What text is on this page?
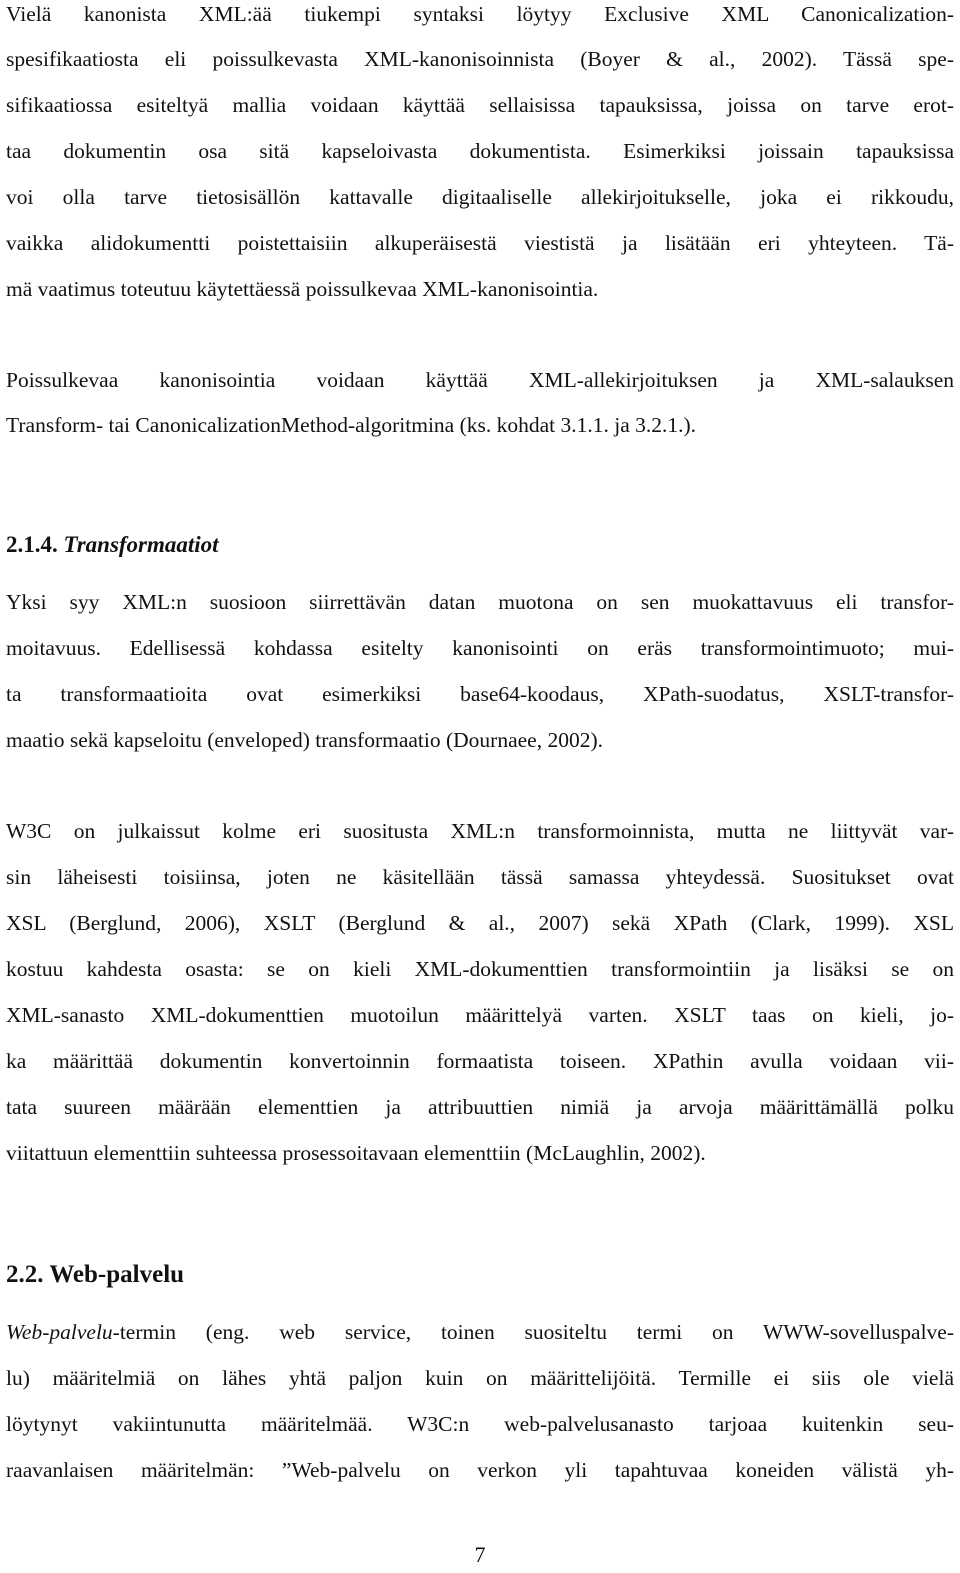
Vielä kanonista XML:ää tiukempi syntaksi löytyy Exclusive XML Canonicalization-
spesifikaatiosta eli poissulkevasta XML-kanonisoinnista (Boyer & al., 2002). Tässä spe-
sifikaatiossa esiteltyä mallia voidaan käyttää sellaisissa tapauksissa, joissa on tarve erot-
taa dokumentin osa sitä kapseloivasta dokumentista. Esimerkiksi joissain tapauksissa
voi olla tarve tietosisällön kattavalle digitaaliselle allekirjoitukselle, joka ei rikkoudu,
vaikka alidokumentti poistettaisiin alkuperäisestä viestistä ja lisätään eri yhteyteen. Tä-
mä vaatimus toteutuu käytettäessä poissulkevaa XML-kanonisointia.
Poissulkevaa kanonisointia voidaan käyttää XML-allekirjoituksen ja XML-salauksen
Transform- tai CanonicalizationMethod-algoritmina (ks. kohdat 3.1.1. ja 3.2.1.).
2.1.4. Transformaatiot
Yksi syy XML:n suosioon siirrettävän datan muotona on sen muokattavuus eli transfor-
moitavuus. Edellisessä kohdassa esitelty kanonisointi on eräs transformointimuoto; mui-
ta transformaatioita ovat esimerkiksi base64-koodaus, XPath-suodatus, XSLT-transfor-
maatio sekä kapseloitu (enveloped) transformaatio (Dournaee, 2002).
W3C on julkaissut kolme eri suositusta XML:n transformoinnista, mutta ne liittyvät var-
sin läheisesti toisiinsa, joten ne käsitellään tässä samassa yhteydessä. Suositukset ovat
XSL (Berglund, 2006), XSLT (Berglund & al., 2007) sekä XPath (Clark, 1999). XSL
kostuu kahdesta osasta: se on kieli XML-dokumenttien transformointiin ja lisäksi se on
XML-sanasto XML-dokumenttien muotoilun määrittelyä varten. XSLT taas on kieli, jo-
ka määrittää dokumentin konvertoinnin formaatista toiseen. XPathin avulla voidaan vii-
tata suureen määrään elementtien ja attribuuttien nimiä ja arvoja määrittämällä polku
viitattuun elementtiin suhteessa prosessoitavaan elementtiin (McLaughlin, 2002).
2.2. Web-palvelu
Web-palvelu-termin (eng. web service, toinen suositeltu termi on WWW-sovelluspalve-
lu) määritelmiä on lähes yhtä paljon kuin on määrittelijöitä. Termille ei siis ole vielä
löytynyt vakiintunutta määritelmää. W3C:n web-palvelusanasto tarjoaa kuitenkin seu-
raavanlaisen määritelmän: ”Web-palvelu on verkon yli tapahtuvaa koneiden välistä yh-
7
